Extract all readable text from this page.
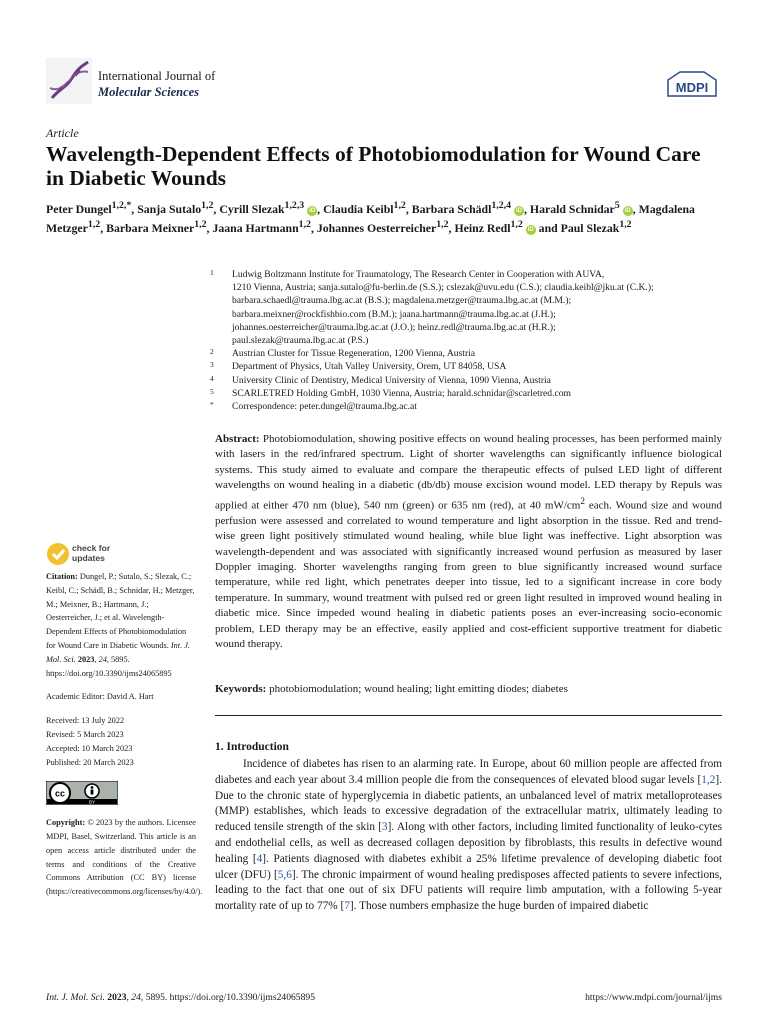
International Journal of
Molecular Sciences	MDPI
Article
Wavelength-Dependent Effects of Photobiomodulation for Wound Care in Diabetic Wounds
Peter Dungel$^{1,2,*}$, Sanja Sutalo$^{1,2}$, Cyrill Slezak$^{1,2,3}$ iD , Claudia Keibl$^{1,2}$, Barbara Schädl$^{1,2,4}$ iD , Harald Schnidar$^5$ iD , Magdalena Metzger$^{1,2}$, Barbara Meixner$^{1,2}$, Jaana Hartmann$^{1,2}$, Johannes Oesterreicher$^{1,2}$, Heinz Redl$^{1,2}$ iD and Paul Slezak$^{1,2}$
1 Ludwig Boltzmann Institute for Traumatology, The Research Center in Cooperation with AUVA,
1210 Vienna, Austria; sanja.sutalo@fu-berlin.de (S.S.); cslezak@uvu.edu (C.S.); claudia.keibl@jku.at (C.K.);
barbara.schaedl@trauma.lbg.ac.at (B.S.); magdalena.metzger@trauma.lbg.ac.at (M.M.);
barbara.meixner@rockfishbio.com (B.M.); jaana.hartmann@trauma.lbg.ac.at (J.H.);
johannes.oesterreicher@trauma.lbg.ac.at (J.O.); heinz.redl@trauma.lbg.ac.at (H.R.);
paul.slezak@trauma.lbg.ac.at (P.S.)
2 Austrian Cluster for Tissue Regeneration, 1200 Vienna, Austria
3 Department of Physics, Utah Valley University, Orem, UT 84058, USA
4 University Clinic of Dentistry, Medical University of Vienna, 1090 Vienna, Austria
5 SCARLETRED Holding GmbH, 1030 Vienna, Austria; harald.schnidar@scarletred.com
* Correspondence: peter.dungel@trauma.lbg.ac.at
Abstract: Photobiomodulation, showing positive effects on wound healing processes, has been performed mainly with lasers in the red/infrared spectrum. Light of shorter wavelengths can significantly influence biological systems. This study aimed to evaluate and compare the therapeutic effects of pulsed LED light of different wavelengths on wound healing in a diabetic (db/db) mouse excision wound model. LED therapy by Repuls was applied at either 470 nm (blue), 540 nm (green) or 635 nm (red), at 40 $mW/cm^2$ each. Wound size and wound perfusion were assessed and correlated to wound temperature and light absorption in the tissue. Red and trend-wise green light positively stimulated wound healing, while blue light was ineffective. Light absorption was wavelength-dependent and was associated with significantly increased wound perfusion as measured by laser Doppler imaging. Shorter wavelengths ranging from green to blue significantly increased wound surface temperature, while red light, which penetrates deeper into tissue, led to a significant increase in core body temperature. In summary, wound treatment with pulsed red or green light resulted in improved wound healing in diabetic mice. Since impeded wound healing in diabetic patients poses an ever-increasing socio-economic problem, LED therapy may be an effective, easily applied and cost-efficient supportive treatment for diabetic wound therapy.
Keywords: photobiomodulation; wound healing; light emitting diodes; diabetes
1. Introduction

Incidence of diabetes has risen to an alarming rate. In Europe, about 60 million people are affected from diabetes and each year about 3.4 million people die from the consequences of elevated blood sugar levels [1,2]. Due to the chronic state of hyperglycemia in diabetic patients, an unbalanced level of matrix metalloproteases (MMP) establishes, which leads to excessive degradation of the extracellular matrix, ultimately leading to reduced tensile strength of the skin [3]. Along with other factors, including limited functionality of leuko-cytes and endothelial cells, as well as decreased collagen deposition by fibroblasts, this results in defective wound healing [4]. Patients diagnosed with diabetes exhibit a 25% lifetime prevalence of developing diabetic foot ulcer (DFU) [5,6]. The chronic impairment of wound healing predisposes affected patients to severe infections, leading to the fact that one out of six DFU patients will require limb amputation, with a following 5-year mortality rate of up to 77% [7]. Those numbers emphasize the huge burden of impaired diabetic

check for
updates
Citation: Dungel, P.; Sutalo, S.; Slezak, C.; Keibl, C.; Schädl, B.; Schnidar, H.; Metzger, M.; Meixner, B.; Hartmann, J.; Oesterreicher, J.; et al. Wavelength-Dependent Effects of Photobiomodulation for Wound Care in Diabetic Wounds. Int. J. Mol. Sci. 2023, 24, 5895. https://doi.org/10.3390/ijms24065895
Academic Editor: David A. Hart
Received: 13 July 2022
Revised: 5 March 2023
Accepted: 10 March 2023
Published: 20 March 2023
cc
BY
Copyright: © 2023 by the authors. Licensee MDPI, Basel, Switzerland. This article is an open access article distributed under the terms and conditions of the Creative Commons Attribution (CC BY) license (https://creativecommons.org/licenses/by/4.0/).
Int. J. Mol. Sci. 2023, 24, 5895. https://doi.org/10.3390/ijms24065895	https://www.mdpi.com/journal/ijms
